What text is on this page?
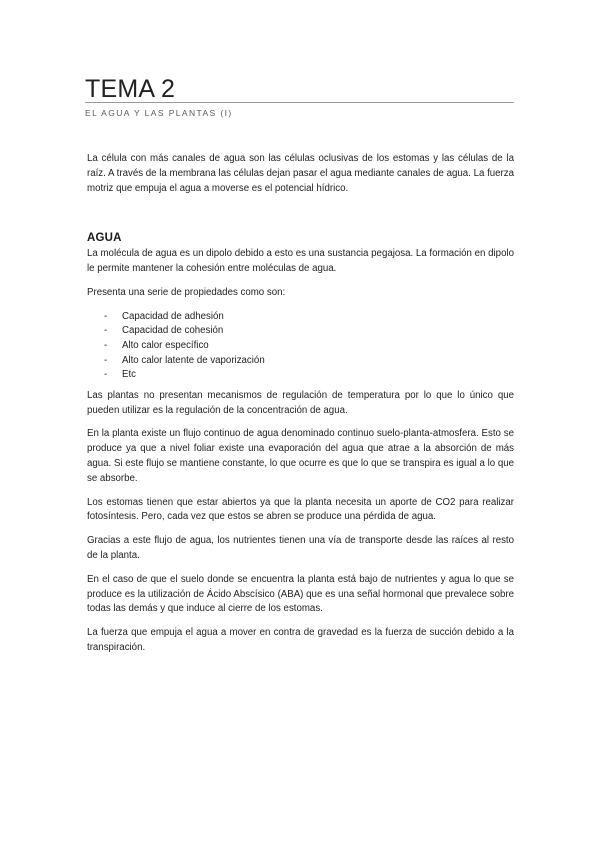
TEMA 2
EL AGUA Y LAS PLANTAS (I)

La célula con más canales de agua son las células oclusivas de los estomas y las células de la raíz. A través de la membrana las células dejan pasar el agua mediante canales de agua. La fuerza motriz que empuja el agua a moverse es el potencial hídrico.

AGUA

La molécula de agua es un dipolo debido a esto es una sustancia pegajosa. La formación en dipolo le permite mantener la cohesión entre moléculas de agua.

Presenta una serie de propiedades como son:

-	Capacidad de adhesión
-	Capacidad de cohesión
-	Alto calor específico
-	Alto calor latente de vaporización
-	Etc

Las plantas no presentan mecanismos de regulación de temperatura por lo que lo único que pueden utilizar es la regulación de la concentración de agua.

En la planta existe un flujo continuo de agua denominado continuo suelo-planta-atmosfera. Esto se produce ya que a nivel foliar existe una evaporación del agua que atrae a la absorción de más agua. Si este flujo se mantiene constante, lo que ocurre es que lo que se transpira es igual a lo que se absorbe.

Los estomas tienen que estar abiertos ya que la planta necesita un aporte de CO2 para realizar fotosíntesis. Pero, cada vez que estos se abren se produce una pérdida de agua.

Gracias a este flujo de agua, los nutrientes tienen una vía de transporte desde las raíces al resto de la planta.

En el caso de que el suelo donde se encuentra la planta está bajo de nutrientes y agua lo que se produce es la utilización de Ácido Abscísico (ABA) que es una señal hormonal que prevalece sobre todas las demás y que induce al cierre de los estomas.

La fuerza que empuja el agua a mover en contra de gravedad es la fuerza de succión debido a la transpiración.
